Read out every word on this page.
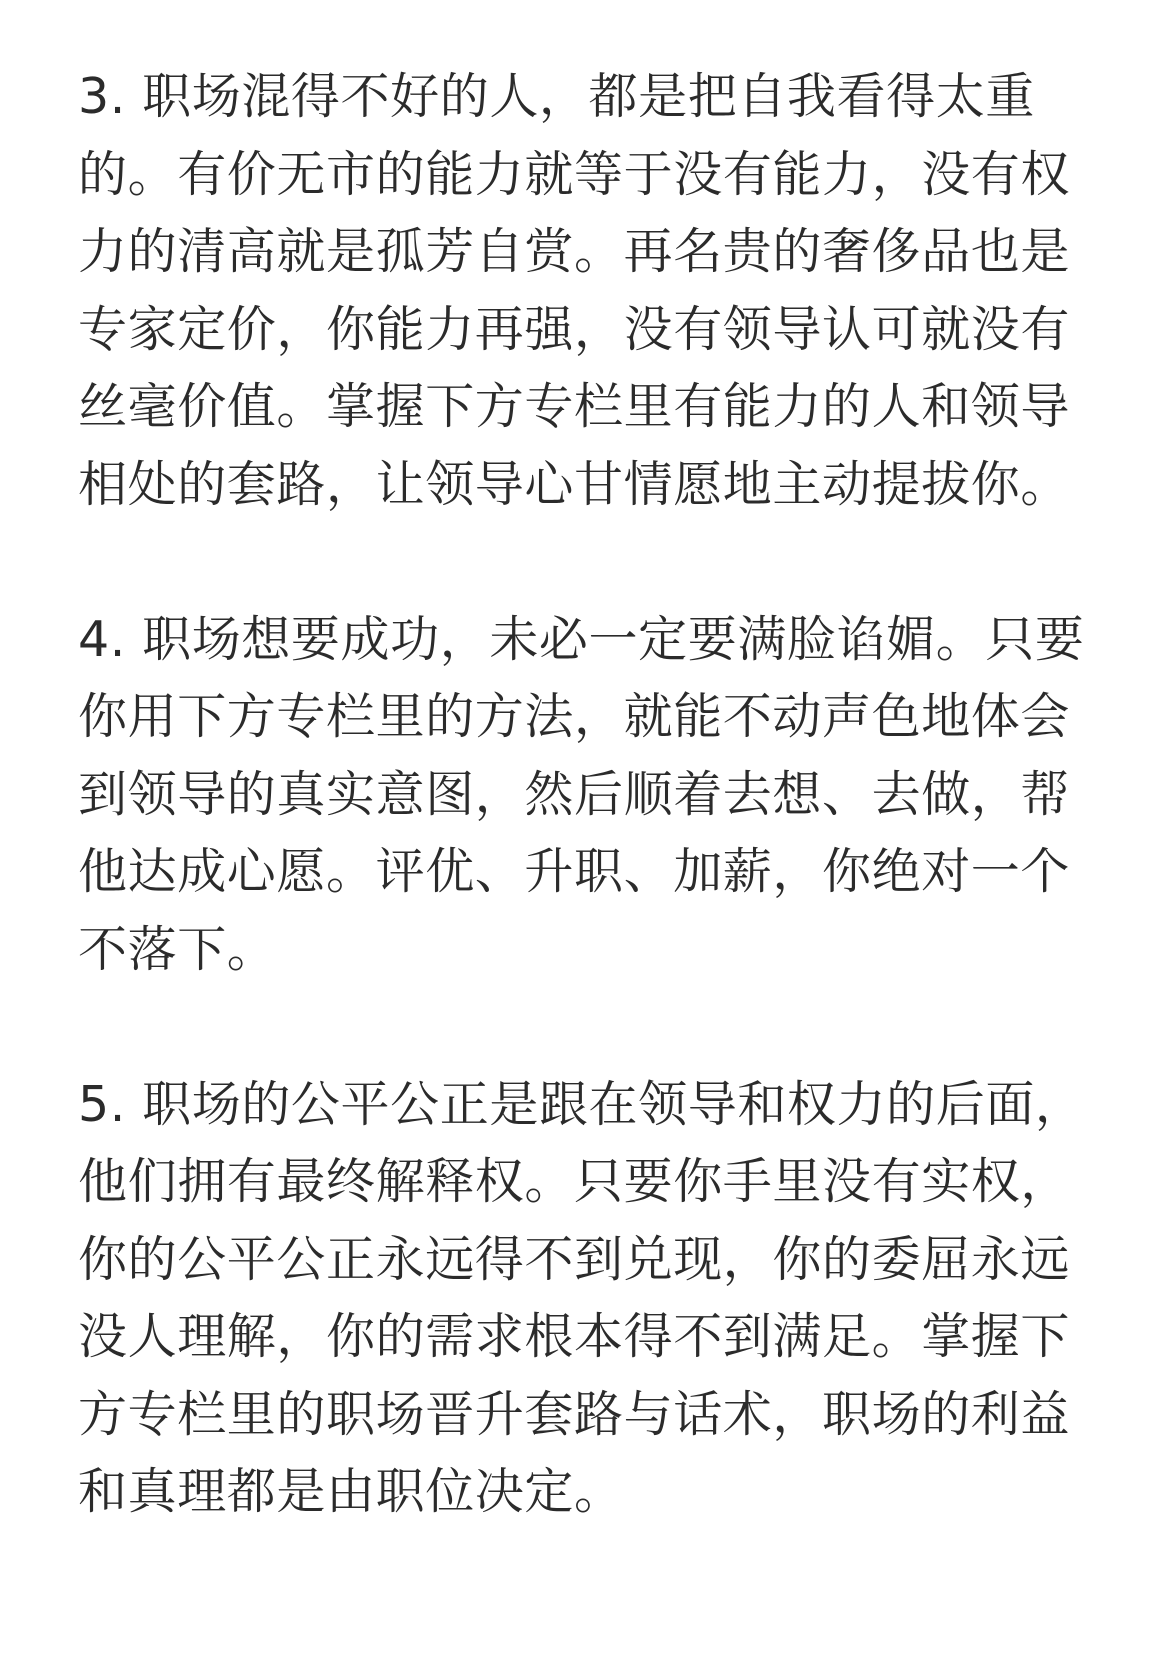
3. 职场混得不好的人，都是把自我看得太重的。有价无市的能力就等于没有能力，没有权力的清高就是孤芳自赏。再名贵的奢侈品也是专家定价，你能力再强，没有领导认可就没有丝毫价值。掌握下方专栏里有能力的人和领导相处的套路，让领导心甘情愿地主动提拔你。

4. 职场想要成功，未必一定要满脸谄媚。只要你用下方专栏里的方法，就能不动声色地体会到领导的真实意图，然后顺着去想、去做，帮他达成心愿。评优、升职、加薪，你绝对一个不落下。

5. 职场的公平公正是跟在领导和权力的后面，他们拥有最终解释权。只要你手里没有实权，你的公平公正永远得不到兑现，你的委屈永远没人理解，你的需求根本得不到满足。掌握下方专栏里的职场晋升套路与话术，职场的利益和真理都是由职位决定。
